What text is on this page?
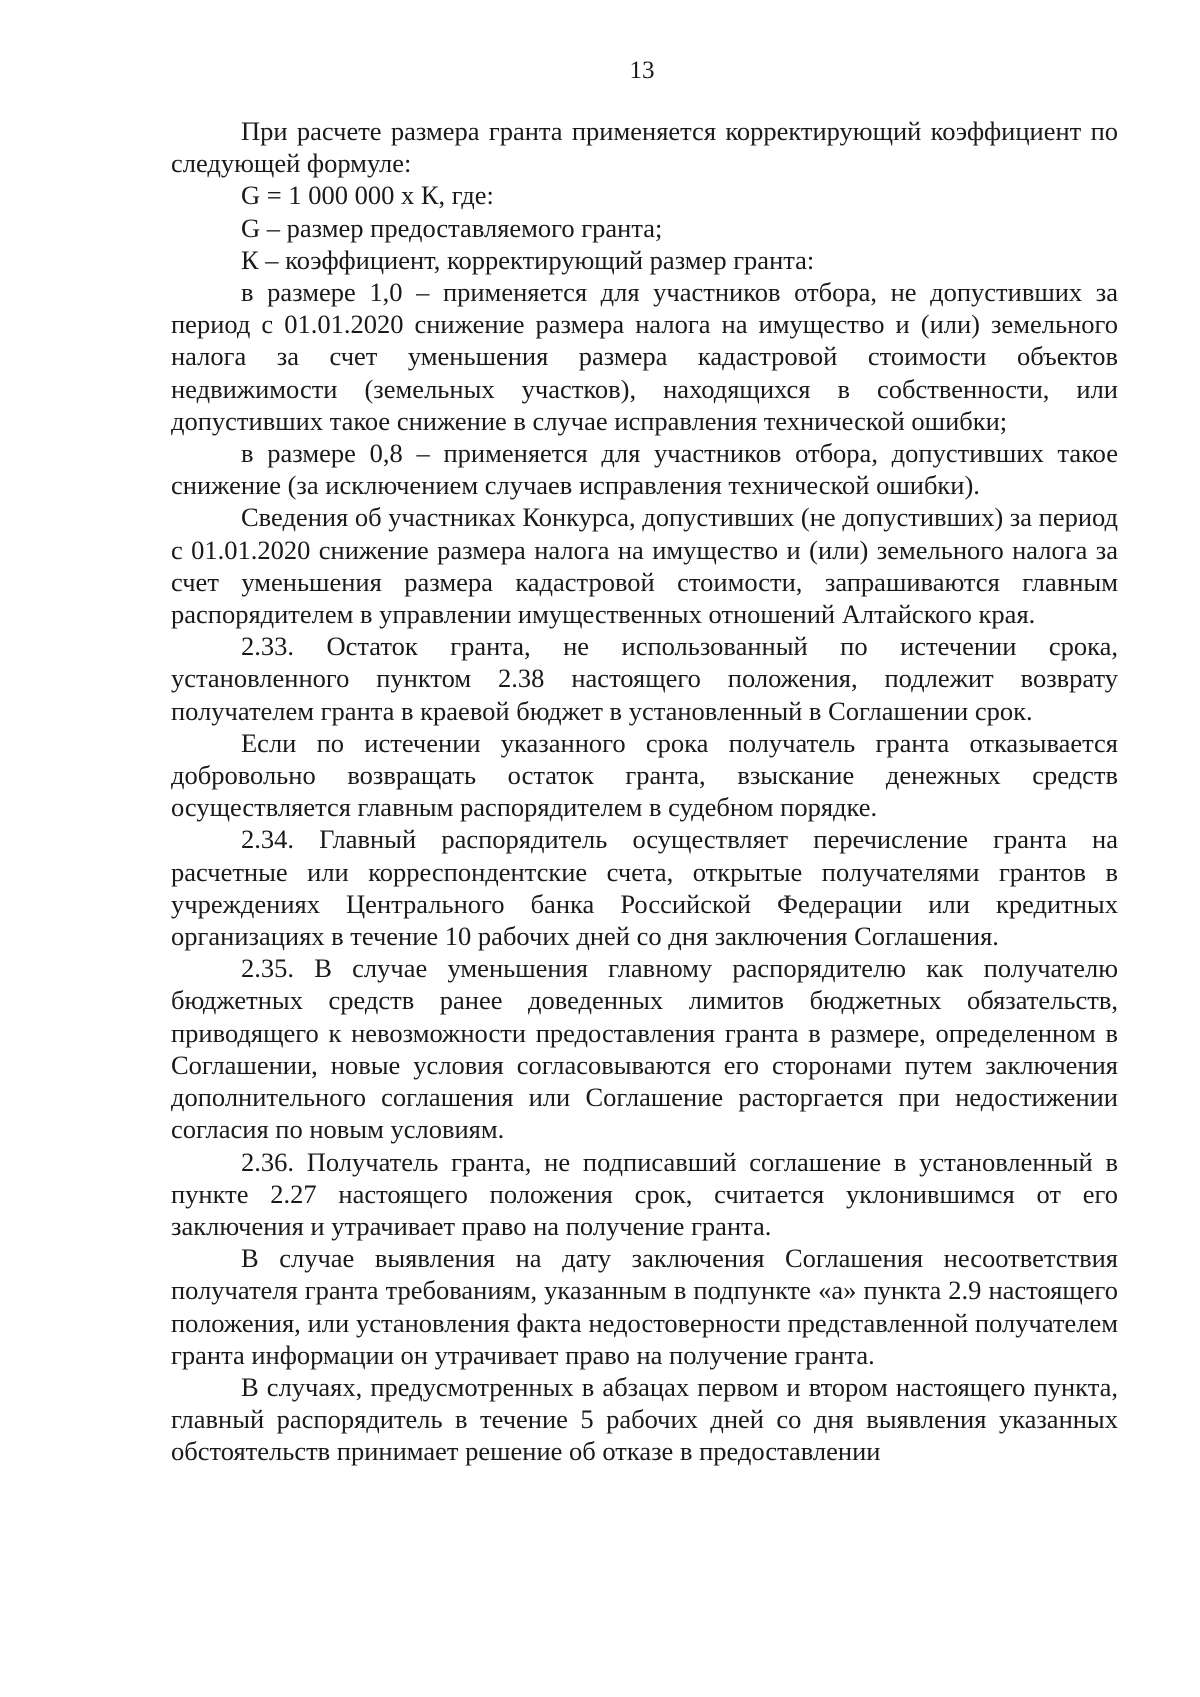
13

При расчете размера гранта применяется корректирующий коэффициент по следующей формуле:

G = 1 000 000 х К, где:

G – размер предоставляемого гранта;

К – коэффициент, корректирующий размер гранта:

в размере 1,0 – применяется для участников отбора, не допустивших за период с 01.01.2020 снижение размера налога на имущество и (или) земельного налога за счет уменьшения размера кадастровой стоимости объектов недвижимости (земельных участков), находящихся в собственности, или допустивших такое снижение в случае исправления технической ошибки;

в размере 0,8 – применяется для участников отбора, допустивших такое снижение (за исключением случаев исправления технической ошибки).

Сведения об участниках Конкурса, допустивших (не допустивших) за период с 01.01.2020 снижение размера налога на имущество и (или) земельного налога за счет уменьшения размера кадастровой стоимости, запрашиваются главным распорядителем в управлении имущественных отношений Алтайского края.

2.33. Остаток гранта, не использованный по истечении срока, установленного пунктом 2.38 настоящего положения, подлежит возврату получателем гранта в краевой бюджет в установленный в Соглашении срок.

Если по истечении указанного срока получатель гранта отказывается добровольно возвращать остаток гранта, взыскание денежных средств осуществляется главным распорядителем в судебном порядке.

2.34. Главный распорядитель осуществляет перечисление гранта на расчетные или корреспондентские счета, открытые получателями грантов в учреждениях Центрального банка Российской Федерации или кредитных организациях в течение 10 рабочих дней со дня заключения Соглашения.

2.35. В случае уменьшения главному распорядителю как получателю бюджетных средств ранее доведенных лимитов бюджетных обязательств, приводящего к невозможности предоставления гранта в размере, определенном в Соглашении, новые условия согласовываются его сторонами путем заключения дополнительного соглашения или Соглашение расторгается при недостижении согласия по новым условиям.

2.36. Получатель гранта, не подписавший соглашение в установленный в пункте 2.27 настоящего положения срок, считается уклонившимся от его заключения и утрачивает право на получение гранта.

В случае выявления на дату заключения Соглашения несоответствия получателя гранта требованиям, указанным в подпункте «а» пункта 2.9 настоящего положения, или установления факта недостоверности представленной получателем гранта информации он утрачивает право на получение гранта.

В случаях, предусмотренных в абзацах первом и втором настоящего пункта, главный распорядитель в течение 5 рабочих дней со дня выявления указанных обстоятельств принимает решение об отказе в предоставлении
